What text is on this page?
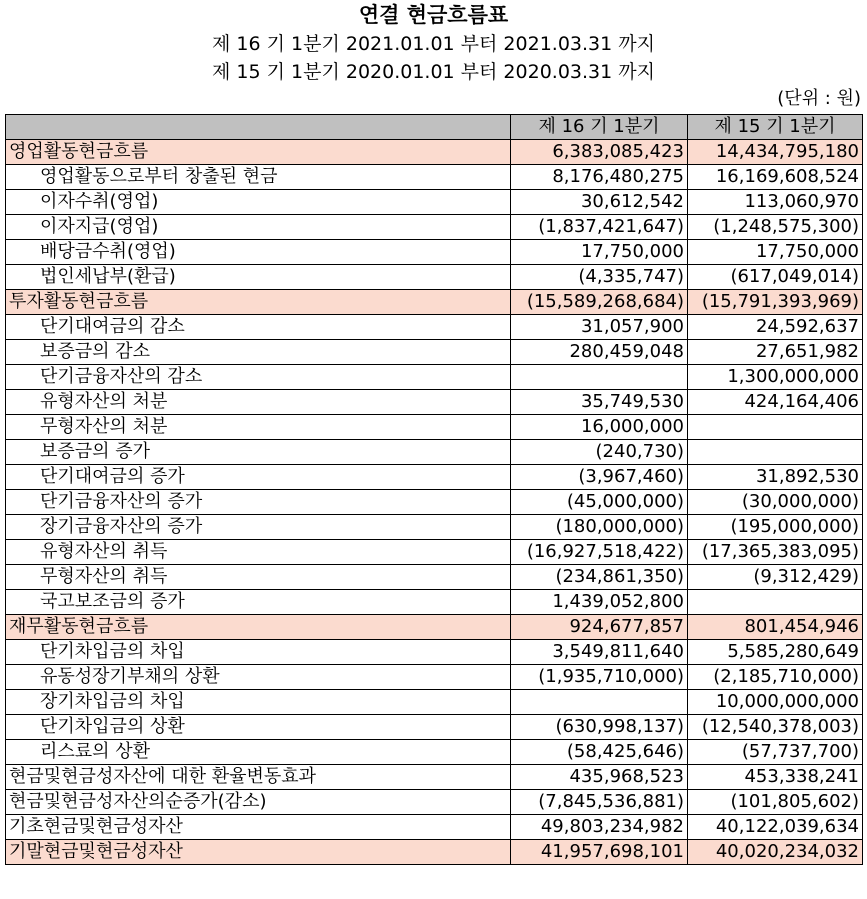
연결 현금흐름표
제 16 기 1분기 2021.01.01 부터 2021.03.31 까지
제 15 기 1분기 2020.01.01 부터 2020.03.31 까지
(단위 : 원)
	제 16 기 1분기	제 15 기 1분기
영업활동현금흐름	6,383,085,423	14,434,795,180
영업활동으로부터 창출된 현금	8,176,480,275	16,169,608,524
이자수취(영업)	30,612,542	113,060,970
이자지급(영업)	(1,837,421,647)	(1,248,575,300)
배당금수취(영업)	17,750,000	17,750,000
법인세납부(환급)	(4,335,747)	(617,049,014)
투자활동현금흐름	(15,589,268,684)	(15,791,393,969)
단기대여금의 감소	31,057,900	24,592,637
보증금의 감소	280,459,048	27,651,982
단기금융자산의 감소		1,300,000,000
유형자산의 처분	35,749,530	424,164,406
무형자산의 처분	16,000,000	
보증금의 증가	(240,730)	
단기대여금의 증가	(3,967,460)	31,892,530
단기금융자산의 증가	(45,000,000)	(30,000,000)
장기금융자산의 증가	(180,000,000)	(195,000,000)
유형자산의 취득	(16,927,518,422)	(17,365,383,095)
무형자산의 취득	(234,861,350)	(9,312,429)
국고보조금의 증가	1,439,052,800	
재무활동현금흐름	924,677,857	801,454,946
단기차입금의 차입	3,549,811,640	5,585,280,649
유동성장기부채의 상환	(1,935,710,000)	(2,185,710,000)
장기차입금의 차입		10,000,000,000
단기차입금의 상환	(630,998,137)	(12,540,378,003)
리스료의 상환	(58,425,646)	(57,737,700)
현금및현금성자산에 대한 환율변동효과	435,968,523	453,338,241
현금및현금성자산의순증가(감소)	(7,845,536,881)	(101,805,602)
기초현금및현금성자산	49,803,234,982	40,122,039,634
기말현금및현금성자산	41,957,698,101	40,020,234,032
